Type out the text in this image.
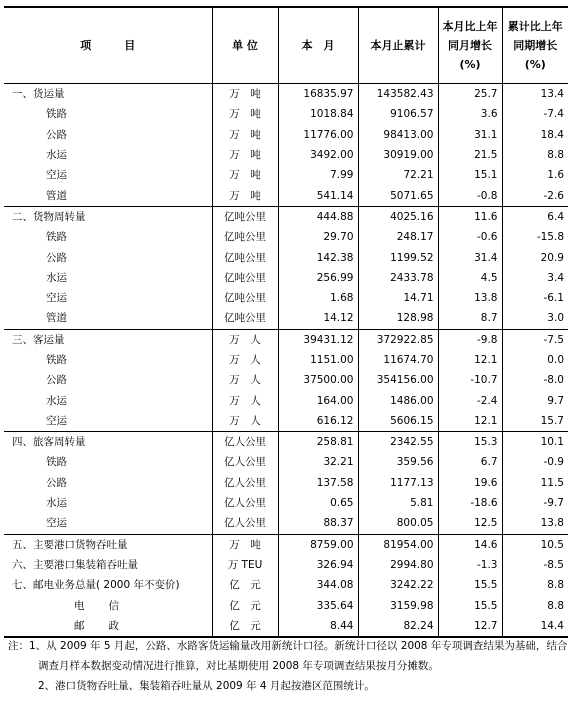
项　　　目	单 位	本　月	本月止累计	本月比上年同月增长(%)	累计比上年同期增长(%)
一、货运量	万　吨	16835.97	143582.43	25.7	13.4
铁路	万　吨	1018.84	9106.57	3.6	-7.4
公路	万　吨	11776.00	98413.00	31.1	18.4
水运	万　吨	3492.00	30919.00	21.5	8.8
空运	万　吨	7.99	72.21	15.1	1.6
管道	万　吨	541.14	5071.65	-0.8	-2.6
二、货物周转量	亿吨公里	444.88	4025.16	11.6	6.4
铁路	亿吨公里	29.70	248.17	-0.6	-15.8
公路	亿吨公里	142.38	1199.52	31.4	20.9
水运	亿吨公里	256.99	2433.78	4.5	3.4
空运	亿吨公里	1.68	14.71	13.8	-6.1
管道	亿吨公里	14.12	128.98	8.7	3.0
三、客运量	万　人	39431.12	372922.85	-9.8	-7.5
铁路	万　人	1151.00	11674.70	12.1	0.0
公路	万　人	37500.00	354156.00	-10.7	-8.0
水运	万　人	164.00	1486.00	-2.4	9.7
空运	万　人	616.12	5606.15	12.1	15.7
四、旅客周转量	亿人公里	258.81	2342.55	15.3	10.1
铁路	亿人公里	32.21	359.56	6.7	-0.9
公路	亿人公里	137.58	1177.13	19.6	11.5
水运	亿人公里	0.65	5.81	-18.6	-9.7
空运	亿人公里	88.37	800.05	12.5	13.8
五、主要港口货物吞吐量	万　吨	8759.00	81954.00	14.6	10.5
六、主要港口集装箱吞吐量	万 TEU	326.94	2994.80	-1.3	-8.5
七、邮电业务总量( 2000 年不变价)	亿　元	344.08	3242.22	15.5	8.8
电　　信	亿　元	335.64	3159.98	15.5	8.8
邮　　政	亿　元	8.44	82.24	12.7	14.4
注：1、从 2009 年 5 月起，公路、水路客货运输量改用新统计口径。新统计口径以 2008 年专项调查结果为基础，结合调查月样本数据变动情况进行推算，对比基期使用 2008 年专项调查结果按月分摊数。
2、港口货物吞吐量、集装箱吞吐量从 2009 年 4 月起按港区范围统计。
